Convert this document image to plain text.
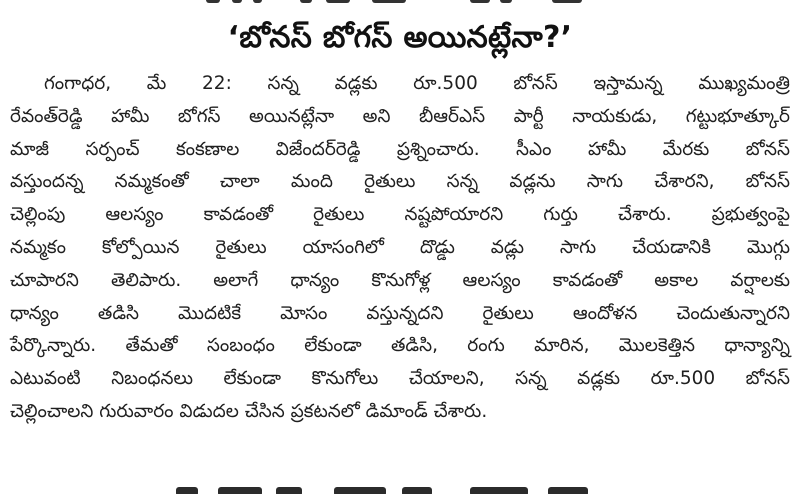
‘బోనస్ బోగస్ అయినట్లేనా?’
గంగాధర, మే 22: సన్న వడ్లకు రూ.500 బోనస్ ఇస్తామన్న ముఖ్యమంత్రి
రేవంత్‌రెడ్డి హామీ బోగస్ అయినట్లేనా అని బీఆర్‌ఎస్ పార్టీ నాయకుడు, గట్టుభూత్కూర్
మాజీ సర్పంచ్ కంకణాల విజేందర్‌రెడ్డి ప్రశ్నించారు. సీఎం హామీ మేరకు బోనస్
వస్తుందన్న నమ్మకంతో చాలా మంది రైతులు సన్న వడ్లను సాగు చేశారని, బోనస్
చెల్లింపు ఆలస్యం కావడంతో రైతులు నష్టపోయారని గుర్తు చేశారు. ప్రభుత్వంపై
నమ్మకం కోల్పోయిన రైతులు యాసంగిలో దొడ్డు వడ్లు సాగు చేయడానికి మొగ్గు
చూపారని తెలిపారు. అలాగే ధాన్యం కొనుగోళ్ల ఆలస్యం కావడంతో అకాల వర్షాలకు
ధాన్యం తడిసి మొదటికే మోసం వస్తున్నదని రైతులు ఆందోళన చెందుతున్నారని
పేర్కొన్నారు. తేమతో సంబంధం లేకుండా తడిసి, రంగు మారిన, మొలకెత్తిన ధాన్యాన్ని
ఎటువంటి నిబంధనలు లేకుండా కొనుగోలు చేయాలని, సన్న వడ్లకు రూ.500 బోనస్
చెల్లించాలని గురువారం విడుదల చేసిన ప్రకటనలో డిమాండ్ చేశారు.
